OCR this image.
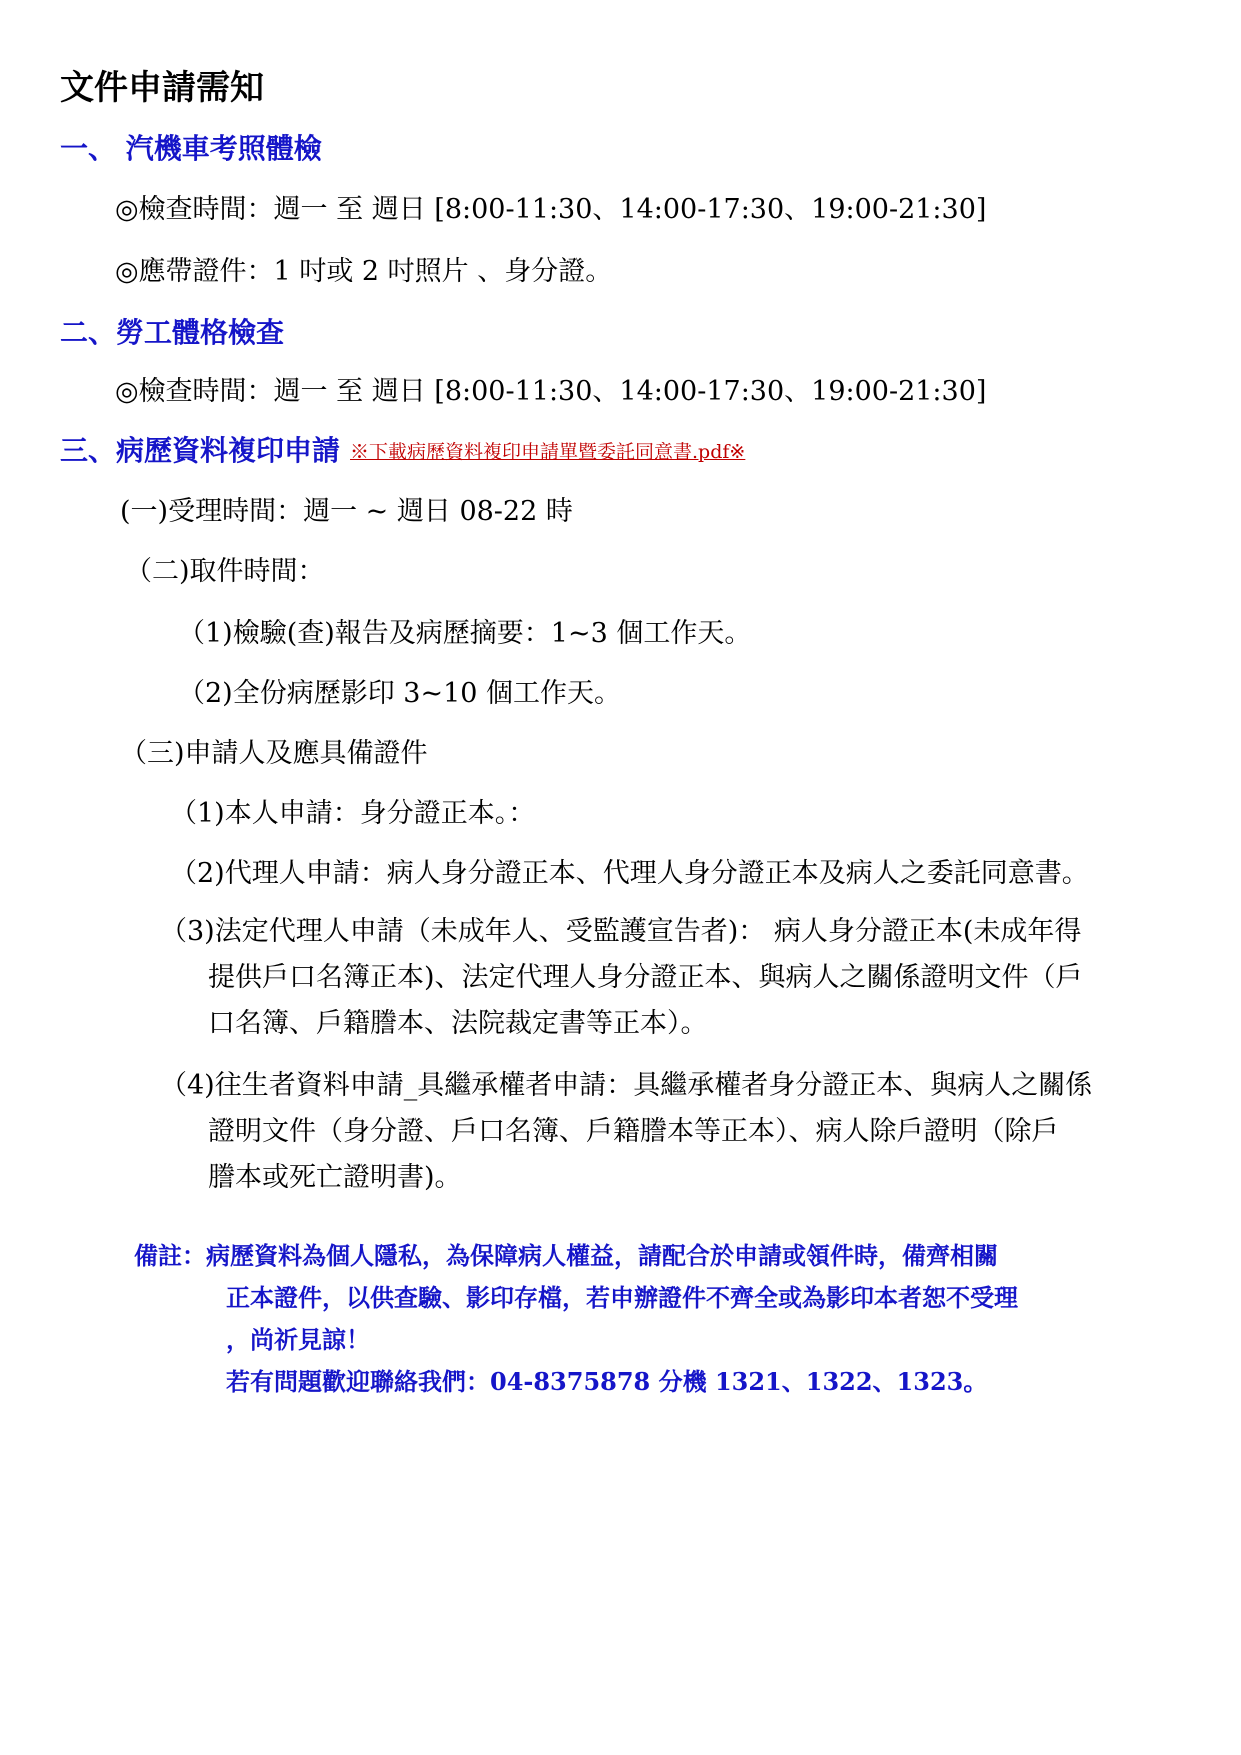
文件申請需知
一、 汽機車考照體檢
◎檢查時間：週一 至 週日 [8:00-11:30、14:00-17:30、19:00-21:30]
◎應帶證件：1 吋或 2 吋照片 、身分證。
二、勞工體格檢查
◎檢查時間：週一 至 週日 [8:00-11:30、14:00-17:30、19:00-21:30]
三、病歷資料複印申請 ※下載病歷資料複印申請單暨委託同意書.pdf※
(一)受理時間：週一 ~ 週日 08-22 時
（二)取件時間：
（1)檢驗(查)報告及病歷摘要：1~3 個工作天。
（2)全份病歷影印 3~10 個工作天。
（三)申請人及應具備證件
（1)本人申請：身分證正本。：
（2)代理人申請：病人身分證正本、代理人身分證正本及病人之委託同意書。
（3)法定代理人申請（未成年人、受監護宣告者)： 病人身分證正本(未成年得
提供戶口名簿正本)、法定代理人身分證正本、與病人之關係證明文件（戶
口名簿、戶籍謄本、法院裁定書等正本）。
（4)往生者資料申請_具繼承權者申請：具繼承權者身分證正本、與病人之關係
證明文件（身分證、戶口名簿、戶籍謄本等正本）、病人除戶證明（除戶
謄本或死亡證明書)。
備註：病歷資料為個人隱私，為保障病人權益，請配合於申請或領件時，備齊相關
正本證件，以供查驗、影印存檔，若申辦證件不齊全或為影印本者恕不受理
，尚祈見諒！
若有問題歡迎聯絡我們：04-8375878 分機 1321、1322、1323。
